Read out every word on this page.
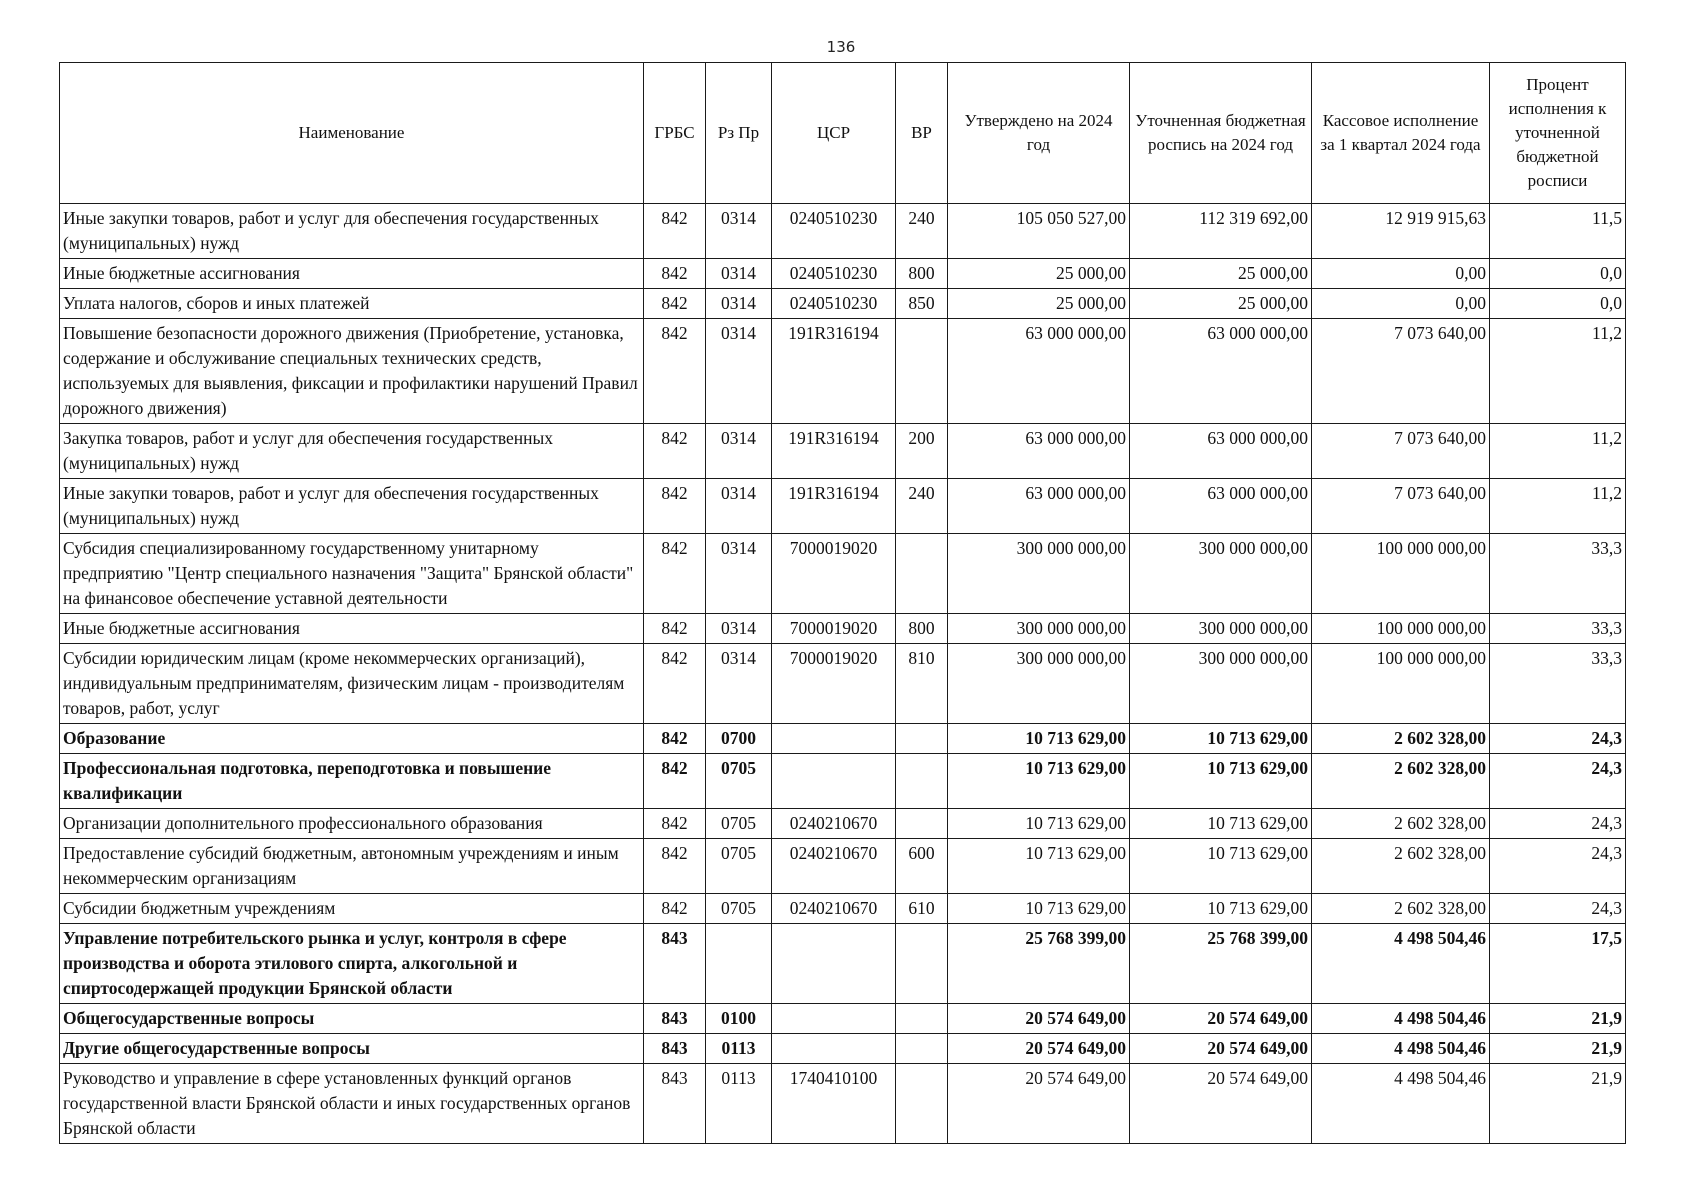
136
Наименование	ГРБС	Рз Пр	ЦСР	ВР	Утверждено на 2024 год	Уточненная бюджетная роспись на 2024 год	Кассовое исполнение за 1 квартал 2024 года	Процент исполнения к уточненной бюджетной росписи
Иные закупки товаров, работ и услуг для обеспечения государственных (муниципальных) нужд	842	0314	0240510230	240	105 050 527,00	112 319 692,00	12 919 915,63	11,5
Иные бюджетные ассигнования	842	0314	0240510230	800	25 000,00	25 000,00	0,00	0,0
Уплата налогов, сборов и иных платежей	842	0314	0240510230	850	25 000,00	25 000,00	0,00	0,0
Повышение безопасности дорожного движения (Приобретение, установка, содержание и обслуживание специальных технических средств, используемых для выявления, фиксации и профилактики нарушений Правил дорожного движения)	842	0314	191R316194		63 000 000,00	63 000 000,00	7 073 640,00	11,2
Закупка товаров, работ и услуг для обеспечения государственных (муниципальных) нужд	842	0314	191R316194	200	63 000 000,00	63 000 000,00	7 073 640,00	11,2
Иные закупки товаров, работ и услуг для обеспечения государственных (муниципальных) нужд	842	0314	191R316194	240	63 000 000,00	63 000 000,00	7 073 640,00	11,2
Субсидия специализированному государственному унитарному предприятию "Центр специального назначения "Защита" Брянской области" на финансовое обеспечение уставной деятельности	842	0314	7000019020		300 000 000,00	300 000 000,00	100 000 000,00	33,3
Иные бюджетные ассигнования	842	0314	7000019020	800	300 000 000,00	300 000 000,00	100 000 000,00	33,3
Субсидии юридическим лицам (кроме некоммерческих организаций), индивидуальным предпринимателям, физическим лицам - производителям товаров, работ, услуг	842	0314	7000019020	810	300 000 000,00	300 000 000,00	100 000 000,00	33,3
Образование	842	0700			10 713 629,00	10 713 629,00	2 602 328,00	24,3
Профессиональная подготовка, переподготовка и повышение квалификации	842	0705			10 713 629,00	10 713 629,00	2 602 328,00	24,3
Организации дополнительного профессионального образования	842	0705	0240210670		10 713 629,00	10 713 629,00	2 602 328,00	24,3
Предоставление субсидий бюджетным, автономным учреждениям и иным некоммерческим организациям	842	0705	0240210670	600	10 713 629,00	10 713 629,00	2 602 328,00	24,3
Субсидии бюджетным учреждениям	842	0705	0240210670	610	10 713 629,00	10 713 629,00	2 602 328,00	24,3
Управление потребительского рынка и услуг, контроля в сфере производства и оборота этилового спирта, алкогольной и спиртосодержащей продукции Брянской области	843				25 768 399,00	25 768 399,00	4 498 504,46	17,5
Общегосударственные вопросы	843	0100			20 574 649,00	20 574 649,00	4 498 504,46	21,9
Другие общегосударственные вопросы	843	0113			20 574 649,00	20 574 649,00	4 498 504,46	21,9
Руководство и управление в сфере установленных функций органов государственной власти Брянской области и иных государственных органов Брянской области	843	0113	1740410100		20 574 649,00	20 574 649,00	4 498 504,46	21,9
